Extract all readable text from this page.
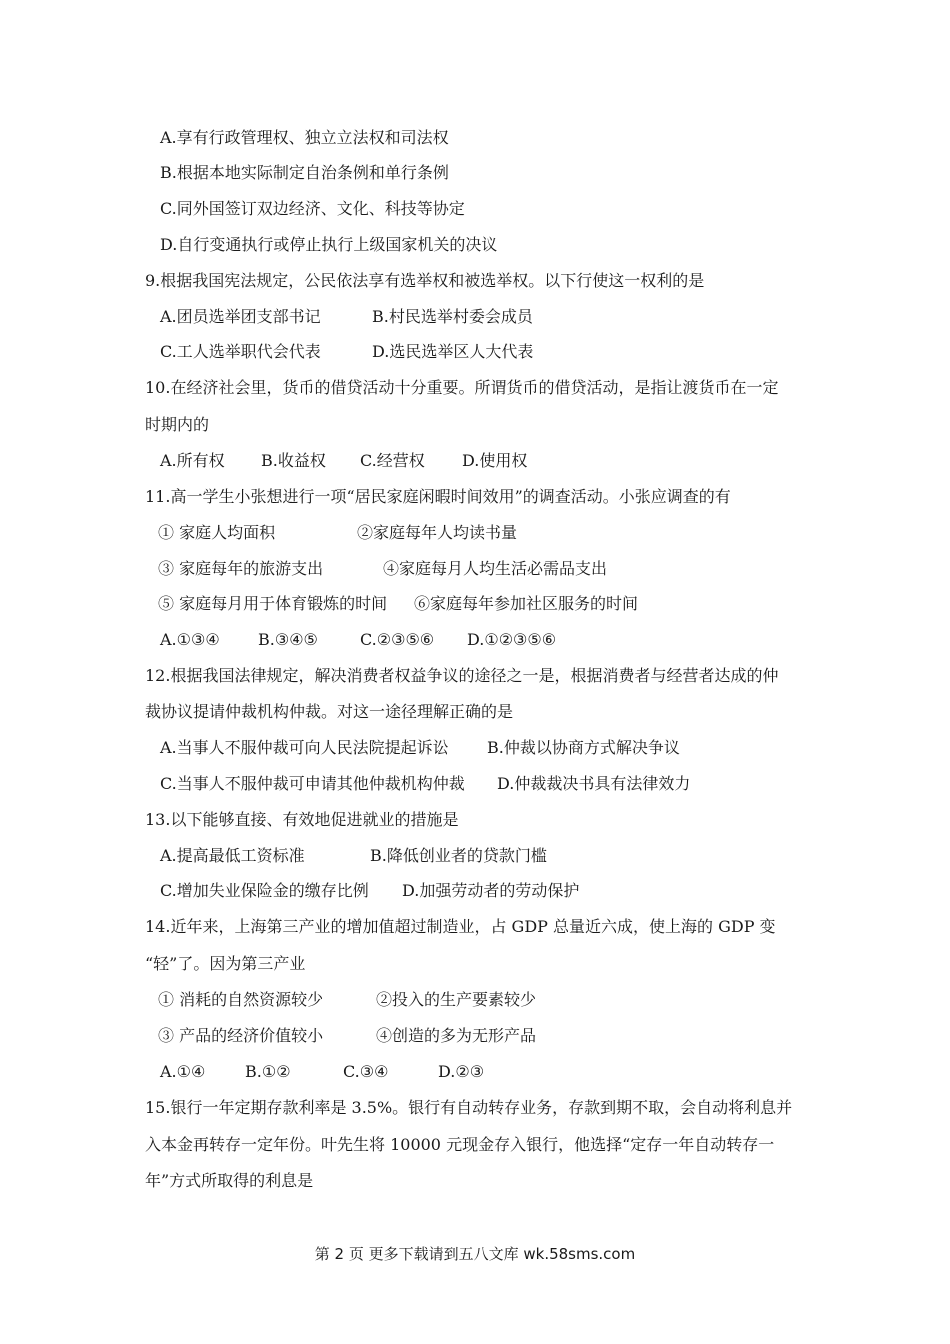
A.享有行政管理权、独立立法权和司法权
B.根据本地实际制定自治条例和单行条例
C.同外国签订双边经济、文化、科技等协定
D.自行变通执行或停止执行上级国家机关的决议
9.根据我国宪法规定，公民依法享有选举权和被选举权。以下行使这一权利的是
A.团员选举团支部书记	B.村民选举村委会成员
C.工人选举职代会代表	D.选民选举区人大代表
10.在经济社会里，货币的借贷活动十分重要。所谓货币的借贷活动，是指让渡货币在一定
时期内的
A.所有权 B.收益权 C.经营权 D.使用权
11.高一学生小张想进行一项“居民家庭闲暇时间效用”的调查活动。小张应调查的有
① 家庭人均面积	②家庭每年人均读书量
③ 家庭每年的旅游支出	④家庭每月人均生活必需品支出
⑤ 家庭每月用于体育锻炼的时间 ⑥家庭每年参加社区服务的时间
A.①③④ B.③④⑤	C.②③⑤⑥ D.①②③⑤⑥
12.根据我国法律规定，解决消费者权益争议的途径之一是，根据消费者与经营者达成的仲
裁协议提请仲裁机构仲裁。对这一途径理解正确的是
A.当事人不服仲裁可向人民法院提起诉讼 B.仲裁以协商方式解决争议
C.当事人不服仲裁可申请其他仲裁机构仲裁 D.仲裁裁决书具有法律效力
13.以下能够直接、有效地促进就业的措施是
A.提高最低工资标准	B.降低创业者的贷款门槛
C.增加失业保险金的缴存比例 D.加强劳动者的劳动保护
14.近年来，上海第三产业的增加值超过制造业，占 GDP 总量近六成，使上海的 GDP 变
“轻”了。因为第三产业
① 消耗的自然资源较少	②投入的生产要素较少
③ 产品的经济价值较小	④创造的多为无形产品
A.①④ B.①②	C.③④	D.②③
15.银行一年定期存款利率是 3.5%。银行有自动转存业务，存款到期不取，会自动将利息并
入本金再转存一定年份。叶先生将 10000 元现金存入银行，他选择“定存一年自动转存一
年”方式所取得的利息是
第 2 页 更多下载请到五八文库 wk.58sms.com
